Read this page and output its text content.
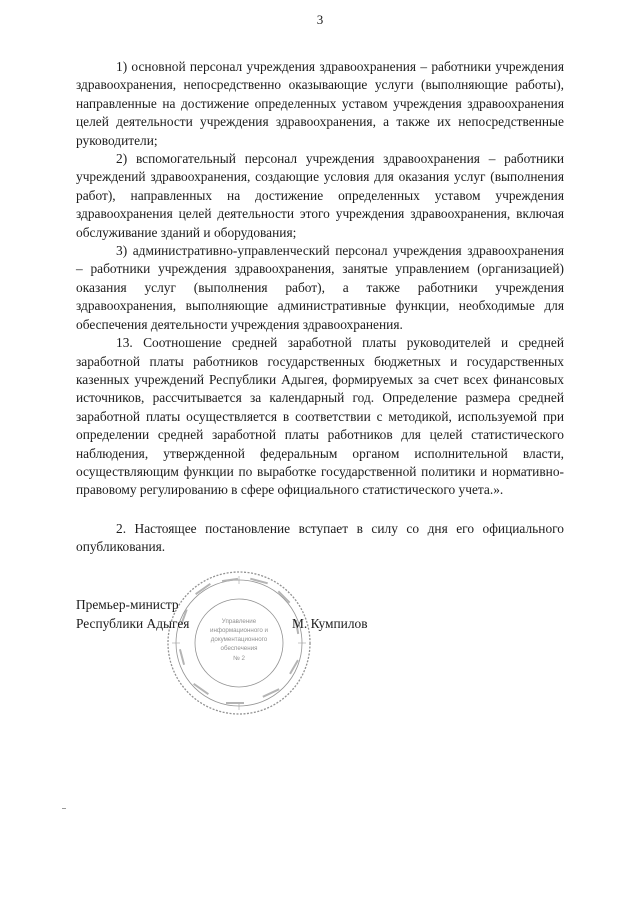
3

1) основной персонал учреждения здравоохранения – работники учреждения здравоохранения, непосредственно оказывающие услуги (выполняющие работы), направленные на достижение определенных уставом учреждения здравоохранения целей деятельности учреждения здравоохранения, а также их непосредственные руководители;

2) вспомогательный персонал учреждения здравоохранения – работники учреждений здравоохранения, создающие условия для оказания услуг (выполнения работ), направленных на достижение определенных уставом учреждения здравоохранения целей деятельности этого учреждения здравоохранения, включая обслуживание зданий и оборудования;

3) административно-управленческий персонал учреждения здравоохранения – работники учреждения здравоохранения, занятые управлением (организацией) оказания услуг (выполнения работ), а также работники учреждения здравоохранения, выполняющие административные функции, необходимые для обеспечения деятельности учреждения здравоохранения.

13. Соотношение средней заработной платы руководителей и средней заработной платы работников государственных бюджетных и государственных казенных учреждений Республики Адыгея, формируемых за счет всех финансовых источников, рассчитывается за календарный год. Определение размера средней заработной платы осуществляется в соответствии с методикой, используемой при определении средней заработной платы работников для целей статистического наблюдения, утвержденной федеральным органом исполнительной власти, осуществляющим функции по выработке государственной политики и нормативно-правовому регулированию в сфере официального статистического учета.».

2. Настоящее постановление вступает в силу со дня его официального опубликования.

Управление
информационного и
документационного
обеспечения
№ 2
Премьер-министр
Республики Адыгея	М. Кумпилов
